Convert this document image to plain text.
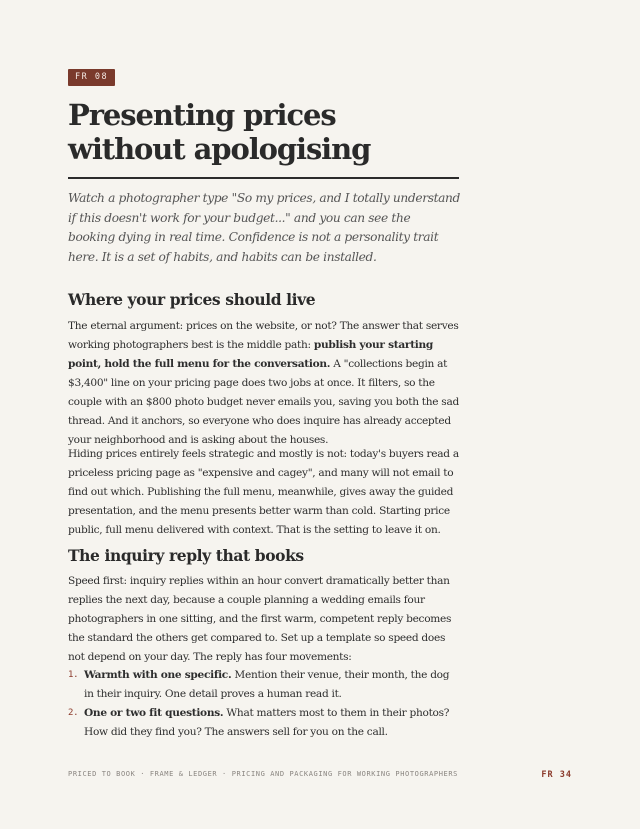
FR 08
Presenting prices without apologising

Watch a photographer type "So my prices, and I totally understand if this doesn't work for your budget..." and you can see the booking dying in real time. Confidence is not a personality trait here. It is a set of habits, and habits can be installed.

Where your prices should live

The eternal argument: prices on the website, or not? The answer that serves working photographers best is the middle path: publish your starting point, hold the full menu for the conversation. A "collections begin at $3,400" line on your pricing page does two jobs at once. It filters, so the couple with an $800 photo budget never emails you, saving you both the sad thread. And it anchors, so everyone who does inquire has already accepted your neighborhood and is asking about the houses.

Hiding prices entirely feels strategic and mostly is not: today's buyers read a priceless pricing page as "expensive and cagey", and many will not email to find out which. Publishing the full menu, meanwhile, gives away the guided presentation, and the menu presents better warm than cold. Starting price public, full menu delivered with context. That is the setting to leave it on.

The inquiry reply that books

Speed first: inquiry replies within an hour convert dramatically better than replies the next day, because a couple planning a wedding emails four photographers in one sitting, and the first warm, competent reply becomes the standard the others get compared to. Set up a template so speed does not depend on your day. The reply has four movements:

1. Warmth with one specific. Mention their venue, their month, the dog in their inquiry. One detail proves a human read it.
2. One or two fit questions. What matters most to them in their photos? How did they find you? The answers sell for you on the call.
PRICED TO BOOK · FRAME & LEDGER · PRICING AND PACKAGING FOR WORKING PHOTOGRAPHERS	FR 34
